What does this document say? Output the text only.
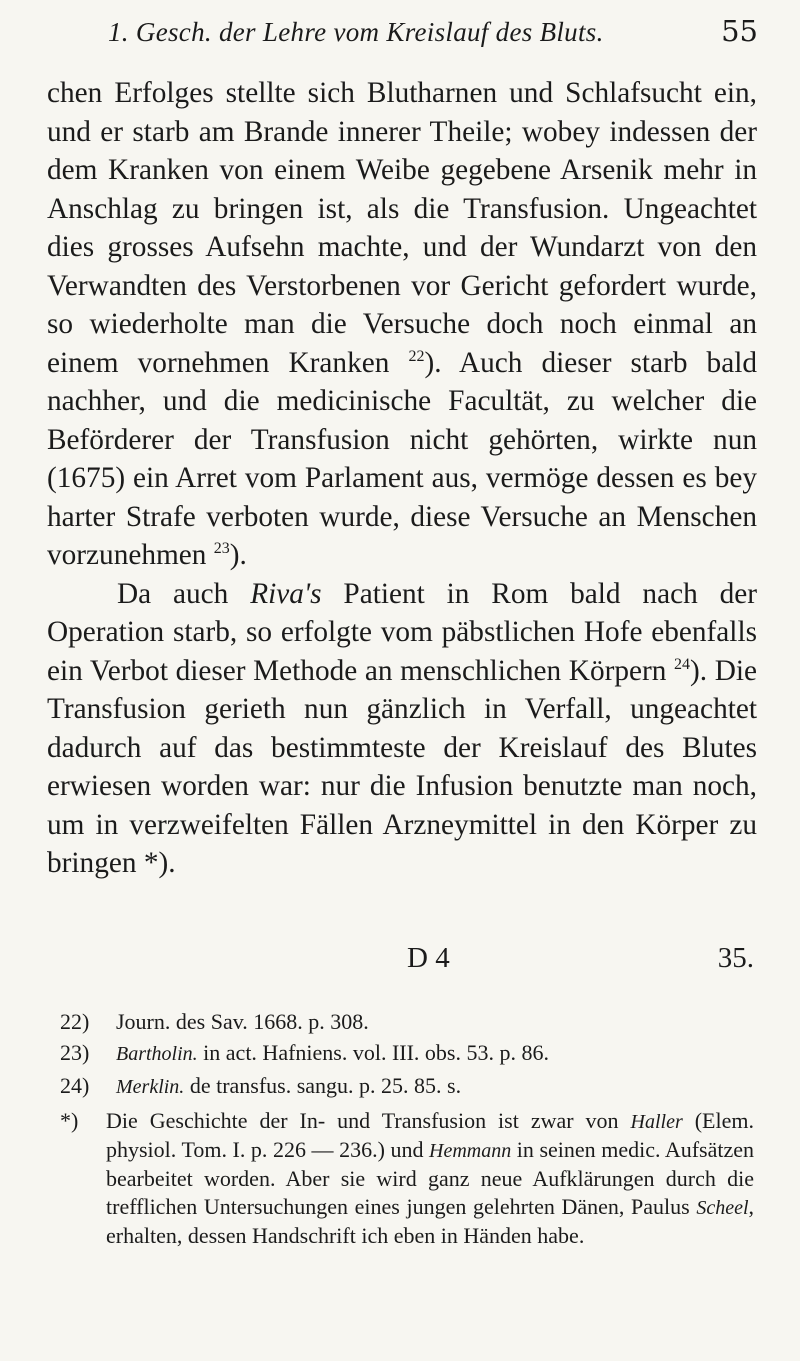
1. Gesch. der Lehre vom Kreislauf des Bluts.	55

chen Erfolges stellte sich Blutharnen und Schlafsucht ein, und er starb am Brande innerer Theile; wobey indessen der dem Kranken von einem Weibe gegebene Arsenik mehr in Anschlag zu bringen ist, als die Transfusion. Ungeachtet dies grosses Aufsehn machte, und der Wundarzt von den Verwandten des Verstorbenen vor Gericht gefordert wurde, so wiederholte man die Versuche doch noch einmal an einem vornehmen Kranken $^{22}$). Auch dieser starb bald nachher, und die medicinische Facultät, zu welcher die Beförderer der Transfusion nicht gehörten, wirkte nun (1675) ein Arret vom Parlament aus, vermöge dessen es bey harter Strafe verboten wurde, diese Versuche an Menschen vorzunehmen $^{23}$).

Da auch Riva's Patient in Rom bald nach der Operation starb, so erfolgte vom päbstlichen Hofe ebenfalls ein Verbot dieser Methode an menschlichen Körpern $^{24}$). Die Transfusion gerieth nun gänzlich in Verfall, ungeachtet dadurch auf das bestimmteste der Kreislauf des Blutes erwiesen worden war: nur die Infusion benutzte man noch, um in verzweifelten Fällen Arzneymittel in den Körper zu bringen *).

D 4	35.
22)	Journ. des Sav. 1668. p. 308.
23)	Bartholin. in act. Hafniens. vol. III. obs. 53. p. 86.
24)	Merklin. de transfus. sangu. p. 25. 85. s.
*)	Die Geschichte der In- und Transfusion ist zwar von Haller (Elem. physiol. Tom. I. p. 226 — 236.) und Hemmann in seinen medic. Aufsätzen bearbeitet worden. Aber sie wird ganz neue Aufklärungen durch die trefflichen Untersuchungen eines jungen gelehrten Dänen, Paulus Scheel, erhalten, dessen Handschrift ich eben in Händen habe.
